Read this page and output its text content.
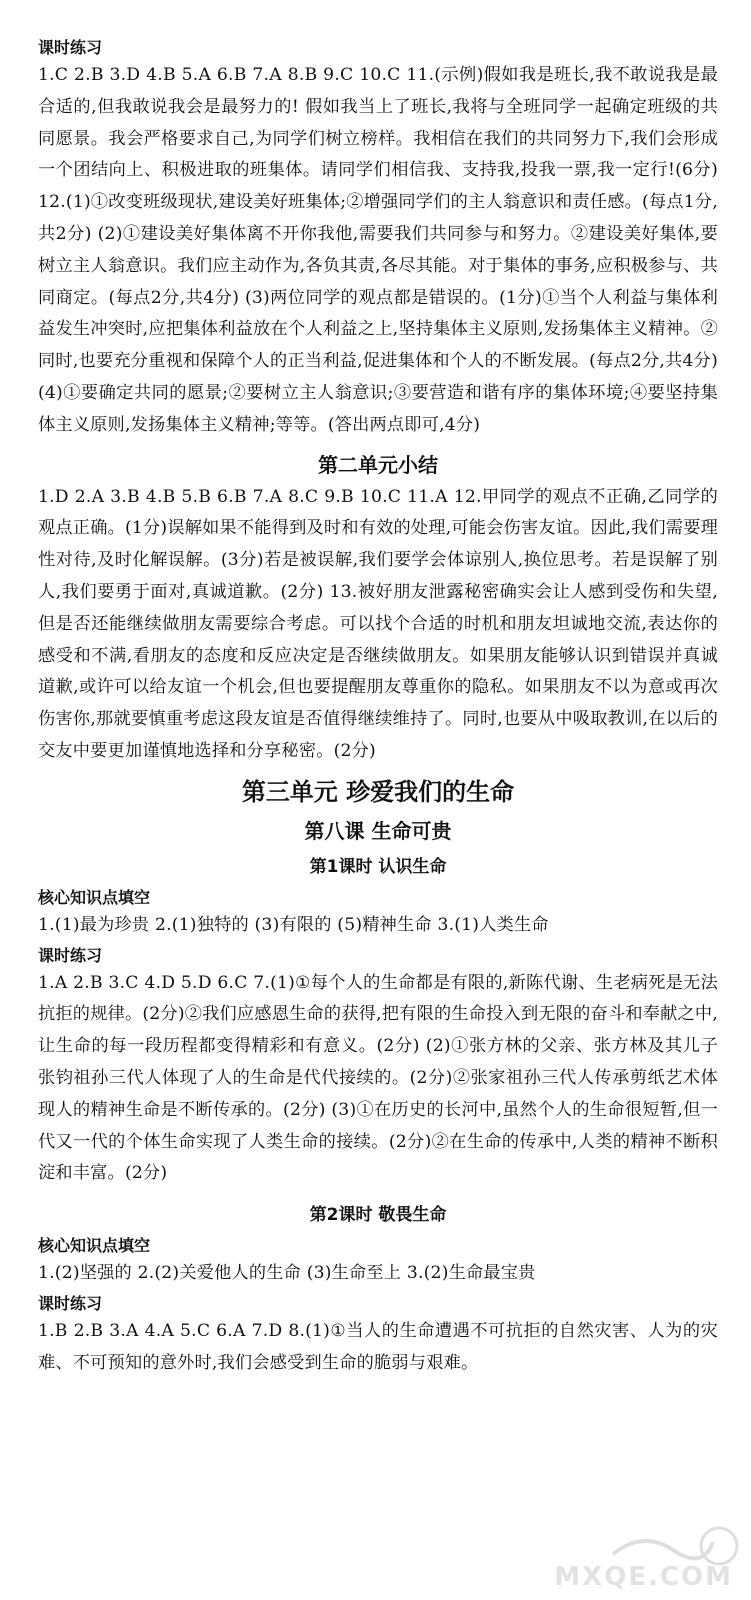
课时练习

1.C 2.B 3.D 4.B 5.A 6.B 7.A 8.B 9.C 10.C 11.(示例)假如我是班长,我不敢说我是最合适的,但我敢说我会是最努力的! 假如我当上了班长,我将与全班同学一起确定班级的共同愿景。我会严格要求自己,为同学们树立榜样。我相信在我们的共同努力下,我们会形成一个团结向上、积极进取的班集体。请同学们相信我、支持我,投我一票,我一定行!(6分) 12.(1)①改变班级现状,建设美好班集体;②增强同学们的主人翁意识和责任感。(每点1分,共2分) (2)①建设美好集体离不开你我他,需要我们共同参与和努力。②建设美好集体,要树立主人翁意识。我们应主动作为,各负其责,各尽其能。对于集体的事务,应积极参与、共同商定。(每点2分,共4分) (3)两位同学的观点都是错误的。(1分)①当个人利益与集体利益发生冲突时,应把集体利益放在个人利益之上,坚持集体主义原则,发扬集体主义精神。②同时,也要充分重视和保障个人的正当利益,促进集体和个人的不断发展。(每点2分,共4分) (4)①要确定共同的愿景;②要树立主人翁意识;③要营造和谐有序的集体环境;④要坚持集体主义原则,发扬集体主义精神;等等。(答出两点即可,4分)

第二单元小结

1.D 2.A 3.B 4.B 5.B 6.B 7.A 8.C 9.B 10.C 11.A 12.甲同学的观点不正确,乙同学的观点正确。(1分)误解如果不能得到及时和有效的处理,可能会伤害友谊。因此,我们需要理性对待,及时化解误解。(3分)若是被误解,我们要学会体谅别人,换位思考。若是误解了别人,我们要勇于面对,真诚道歉。(2分) 13.被好朋友泄露秘密确实会让人感到受伤和失望,但是否还能继续做朋友需要综合考虑。可以找个合适的时机和朋友坦诚地交流,表达你的感受和不满,看朋友的态度和反应决定是否继续做朋友。如果朋友能够认识到错误并真诚道歉,或许可以给友谊一个机会,但也要提醒朋友尊重你的隐私。如果朋友不以为意或再次伤害你,那就要慎重考虑这段友谊是否值得继续维持了。同时,也要从中吸取教训,在以后的交友中要更加谨慎地选择和分享秘密。(2分)

第三单元 珍爱我们的生命
第八课 生命可贵
第1课时 认识生命
核心知识点填空

1.(1)最为珍贵 2.(1)独特的 (3)有限的 (5)精神生命 3.(1)人类生命

课时练习

1.A 2.B 3.C 4.D 5.D 6.C 7.(1)①每个人的生命都是有限的,新陈代谢、生老病死是无法抗拒的规律。(2分)②我们应感恩生命的获得,把有限的生命投入到无限的奋斗和奉献之中,让生命的每一段历程都变得精彩和有意义。(2分) (2)①张方林的父亲、张方林及其儿子张钧祖孙三代人体现了人的生命是代代接续的。(2分)②张家祖孙三代人传承剪纸艺术体现人的精神生命是不断传承的。(2分) (3)①在历史的长河中,虽然个人的生命很短暂,但一代又一代的个体生命实现了人类生命的接续。(2分)②在生命的传承中,人类的精神不断积淀和丰富。(2分)

第2课时 敬畏生命
核心知识点填空

1.(2)坚强的 2.(2)关爱他人的生命 (3)生命至上 3.(2)生命最宝贵

课时练习

1.B 2.B 3.A 4.A 5.C 6.A 7.D 8.(1)①当人的生命遭遇不可抗拒的自然灾害、人为的灾难、不可预知的意外时,我们会感受到生命的脆弱与艰难。

MXQE.COM
